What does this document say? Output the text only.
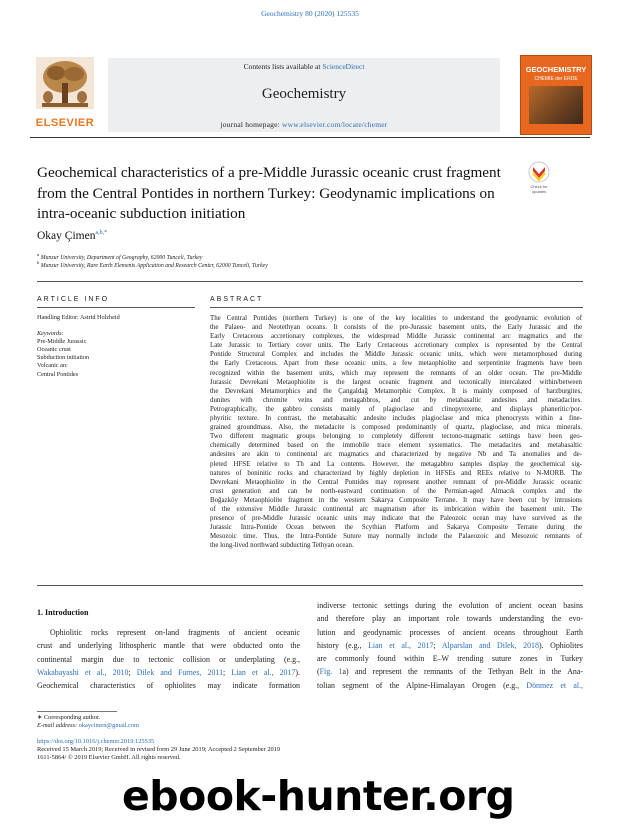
Geochemistry 80 (2020) 125535
ELSEVIER
Contents lists available at ScienceDirect
Geochemistry
journal homepage: www.elsevier.com/locate/chemer
GEOCHEMISTRY
CHEMIE der ERDE
Geochemical characteristics of a pre-Middle Jurassic oceanic crust fragment
from the Central Pontides in northern Turkey: Geodynamic implications on
intra-oceanic subduction initiation
Check for updates
Okay Çimen$^{a,b,*}$
$^a$ Munzur University, Department of Geography, 62000 Tunceli, Turkey
$^b$ Munzur University, Rare Earth Elements Application and Research Center, 62000 Tunceli, Turkey
ARTICLE INFO	ABSTRACT
Handling Editor: Astrid Holzheid
Keywords:
Pre-Middle Jurassic
Oceanic crust
Subduction initiation
Volcanic arc
Central Pontides
The Central Pontides (northern Turkey) is one of the key localities to understand the geodynamic evolution of
the Palaeo- and Neotethyan oceans. It consists of the pre-Jurassic basement units, the Early Jurassic and the
Early Cretaceous accretionary complexes, the widespread Middle Jurassic continental arc magmatics and the
Late Jurassic to Tertiary cover units. The Early Cretaceous accretionary complex is represented by the Central
Pontide Structural Complex and includes the Middle Jurassic oceanic units, which were metamorphosed during
the Early Cretaceous. Apart from these oceanic units, a few metaophiolite and serpentinite fragments have been
recognized within the basement units, which may represent the remnants of an older ocean. The pre-Middle
Jurassic Devrekani Metaophiolite is the largest oceanic fragment and tectonically intercalated within/between
the Devrekani Metamorphics and the Çangaldağ Metamorphic Complex. It is mainly composed of harzburgites,
dunites with chromite veins and metagabbros, and cut by metabasaltic andesites and metadacites.
Petrographically, the gabbro consists mainly of plagioclase and clinopyroxene, and displays phaneritic/por-
phyritic texture. In contrast, the metabasaltic andesite includes plagioclase and mica phenocrysts within a fine-
grained groundmass. Also, the metadacite is composed predominantly of quartz, plagioclase, and mica minerals.
Two different magmatic groups belonging to completely different tectono-magmatic settings have been geo-
chemically determined based on the immobile trace element systematics. The metadacites and metabasaltic
andesites are akin to continental arc magmatics and characterized by negative Nb and Ta anomalies and de-
pleted HFSE relative to Th and La contents. However, the metagabbro samples display the geochemical sig-
natures of boninitic rocks and characterized by highly depletion in HFSEs and REEs relative to N-MORB. The
Devrekani Metaophiolite in the Central Pontides may represent another remnant of pre-Middle Jurassic oceanic
crust generation and can be north-eastward continuation of the Permian-aged Almacık complex and the
Boğazköy Metaophiolite fragment in the western Sakarya Composite Terrane. It may have been cut by intrusions
of the extensive Middle Jurassic continental arc magmatism after its imbrication within the basement unit. The
presence of pre-Middle Jurassic oceanic units may indicate that the Paleozoic ocean may have survived as the
Jurassic Intra-Pontide Ocean between the Scythian Platform and Sakarya Composite Terrane during the
Mesozoic time. Thus, the Intra-Pontide Suture may normally include the Palaeozoic and Mesozoic remnants of
the long-lived northward subducting Tethyan ocean.
1. Introduction
Ophiolitic rocks represent on-land fragments of ancient oceanic
crust and underlying lithospheric mantle that were obducted onto the
continental margin due to tectonic collision or underplating (e.g.,
Wakabayashi et al., 2010; Dilek and Furnes, 2011; Lian et al., 2017).
Geochemical characteristics of ophiolites may indicate formation
indiverse tectonic settings during the evolution of ancient ocean basins
and therefore play an important role towards understanding the evo-
lution and geodynamic processes of ancient oceans throughout Earth
history (e.g., Lian et al., 2017; Alparslan and Dilek, 2018). Ophiolites
are commonly found within E–W trending suture zones in Turkey
(Fig. 1a) and represent the remnants of the Tethyan Belt in the Ana-
tolian segment of the Alpine-Himalayan Orogen (e.g., Dönmez et al.,
∗ Corresponding author.
E-mail address: okaycimen@gmail.com
https://doi.org/10.1016/j.chemer.2019.125535
Received 15 March 2019; Received in revised form 29 June 2019; Accepted 2 September 2019
1611-5864/ © 2019 Elsevier GmbH. All rights reserved.
ebook-hunter.org
